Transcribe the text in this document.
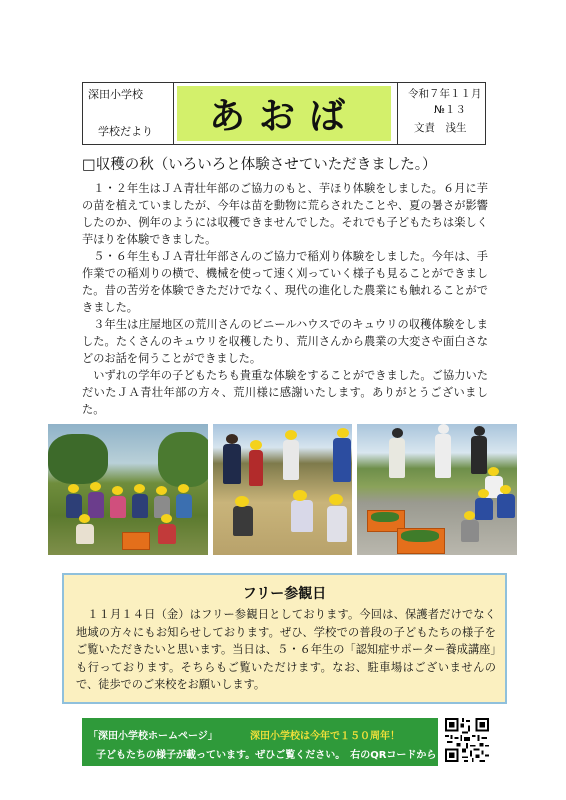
深田小学校
学校だより	あおば
令和７年１１月
№１３
文責　浅生
□収穫の秋（いろいろと体験させていただきました。）

１・２年生はＪＡ青壮年部のご協力のもと、芋ほり体験をしました。６月に芋の苗を植えていましたが、今年は苗を動物に荒らされたことや、夏の暑さが影響したのか、例年のようには収穫できませんでした。それでも子どもたちは楽しく芋ほりを体験できました。

５・６年生もＪＡ青壮年部さんのご協力で稲刈り体験をしました。今年は、手作業での稲刈りの横で、機械を使って速く刈っていく様子も見ることができました。昔の苦労を体験できただけでなく、現代の進化した農業にも触れることができました。

３年生は庄屋地区の荒川さんのビニールハウスでのキュウリの収穫体験をしました。たくさんのキュウリを収穫したり、荒川さんから農業の大変さや面白さなどのお話を伺うことができました。

いずれの学年の子どもたちも貴重な体験をすることができました。ご協力いただいたＪＡ青壮年部の方々、荒川様に感謝いたします。ありがとうございました。

フリー参観日

１１月１４日（金）はフリー参観日としております。今回は、保護者だけでなく地域の方々にもお知らせしております。ぜひ、学校での普段の子どもたちの様子をご覧いただきたいと思います。当日は、５・６年生の「認知症サポーター養成講座」も行っております。そちらもご覧いただけます。なお、駐車場はございませんので、徒歩でのご来校をお願いします。

「深田小学校ホームページ」	深田小学校は今年で１５０周年！
子どもたちの様子が載っています。ぜひご覧ください。　右のQRコードから
